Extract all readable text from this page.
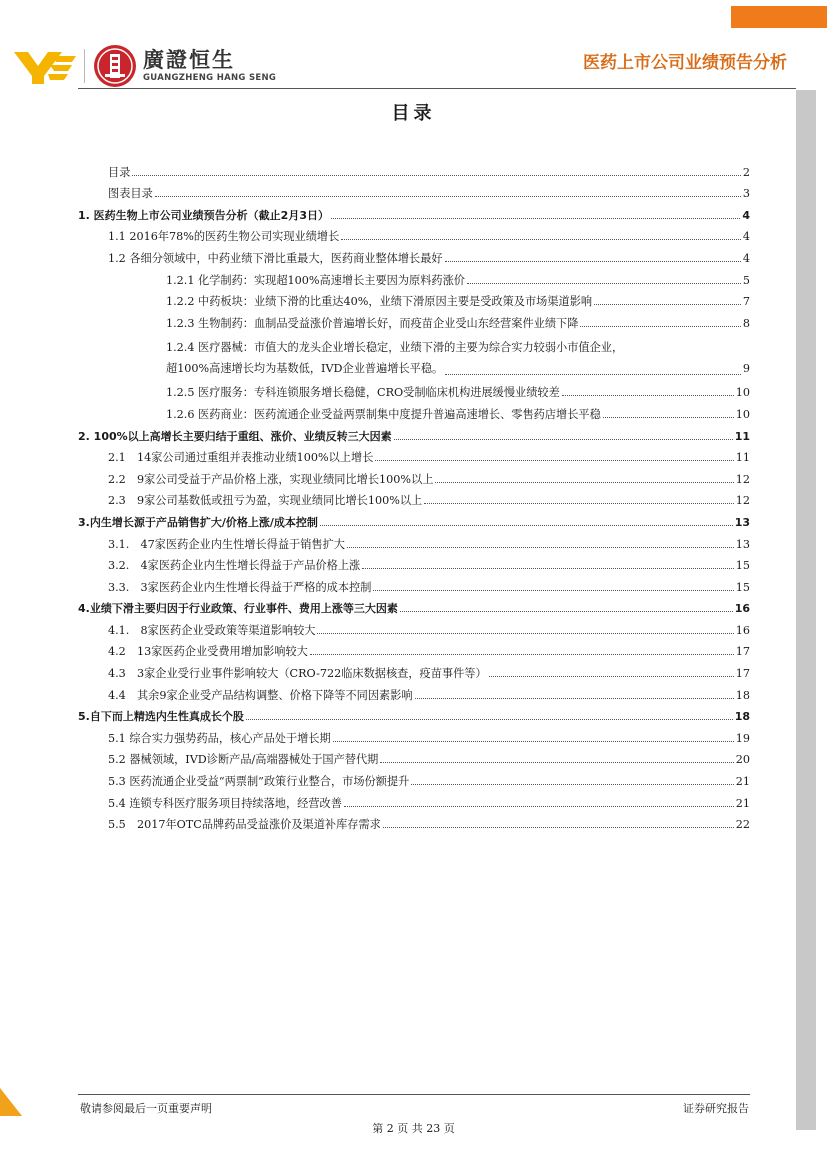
廣證恒生
GUANGZHENG HANG SENG
医药上市公司业绩预告分析
目录
目录	2
图表目录	3
1. 医药生物上市公司业绩预告分析（截止2月3日）	4
1.1 2016年78%的医药生物公司实现业绩增长	4
1.2 各细分领域中，中药业绩下滑比重最大，医药商业整体增长最好	4
1.2.1 化学制药：实现超100%高速增长主要因为原料药涨价	5
1.2.2 中药板块：业绩下滑的比重达40%，业绩下滑原因主要是受政策及市场渠道影响	7
1.2.3 生物制药：血制品受益涨价普遍增长好，而疫苗企业受山东经营案件业绩下降	8
1.2.4 医疗器械：市值大的龙头企业增长稳定，业绩下滑的主要为综合实力较弱小市值企业，
超100%高速增长均为基数低，IVD企业普遍增长平稳。	9
1.2.5 医疗服务：专科连锁服务增长稳健，CRO受制临床机构进展缓慢业绩较差	10
1.2.6 医药商业：医药流通企业受益两票制集中度提升普遍高速增长、零售药店增长平稳	10
2. 100%以上高增长主要归结于重组、涨价、业绩反转三大因素	11
2.1　14家公司通过重组并表推动业绩100%以上增长	11
2.2　9家公司受益于产品价格上涨，实现业绩同比增长100%以上	12
2.3　9家公司基数低或扭亏为盈，实现业绩同比增长100%以上	12
3.内生增长源于产品销售扩大/价格上涨/成本控制	13
3.1.　47家医药企业内生性增长得益于销售扩大	13
3.2.　4家医药企业内生性增长得益于产品价格上涨	15
3.3.　3家医药企业内生性增长得益于严格的成本控制	15
4.业绩下滑主要归因于行业政策、行业事件、费用上涨等三大因素	16
4.1.　8家医药企业受政策等渠道影响较大	16
4.2　13家医药企业受费用增加影响较大	17
4.3　3家企业受行业事件影响较大（CRO-722临床数据核查，疫苗事件等）	17
4.4　其余9家企业受产品结构调整、价格下降等不同因素影响	18
5.自下而上精选内生性真成长个股	18
5.1 综合实力强势药品，核心产品处于增长期	19
5.2 器械领域，IVD诊断产品/高端器械处于国产替代期	20
5.3 医药流通企业受益“两票制”政策行业整合，市场份额提升	21
5.4 连锁专科医疗服务项目持续落地，经营改善	21
5.5　2017年OTC品牌药品受益涨价及渠道补库存需求	22
敬请参阅最后一页重要声明	证券研究报告
第 2 页 共 23 页
